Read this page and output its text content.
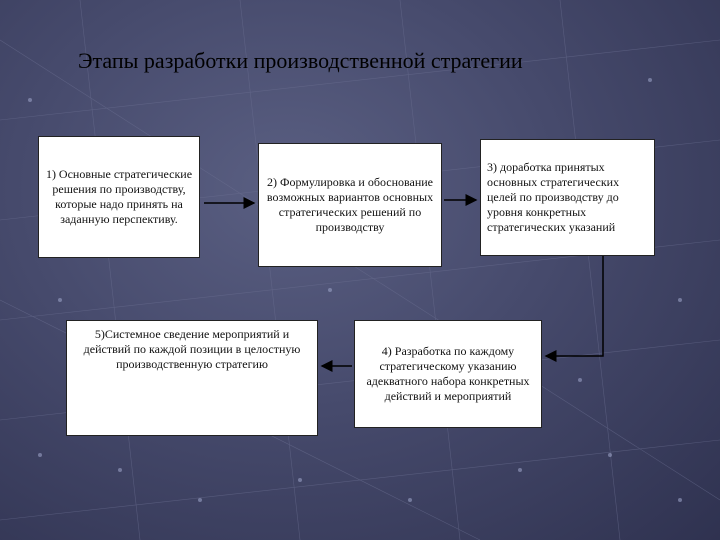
Этапы разработки производственной стратегии
1) Основные стратегические решения по производству, которые надо принять на заданную перспективу.
2) Формулировка и обоснование возможных вариантов основных стратегических решений по производству
3) доработка принятых основных стратегических целей по производству до уровня конкретных стратегических указаний
4) Разработка по каждому стратегическому указанию адекватного набора конкретных действий и мероприятий
5)Системное сведение мероприятий и действий по каждой позиции в целостную производственную стратегию
